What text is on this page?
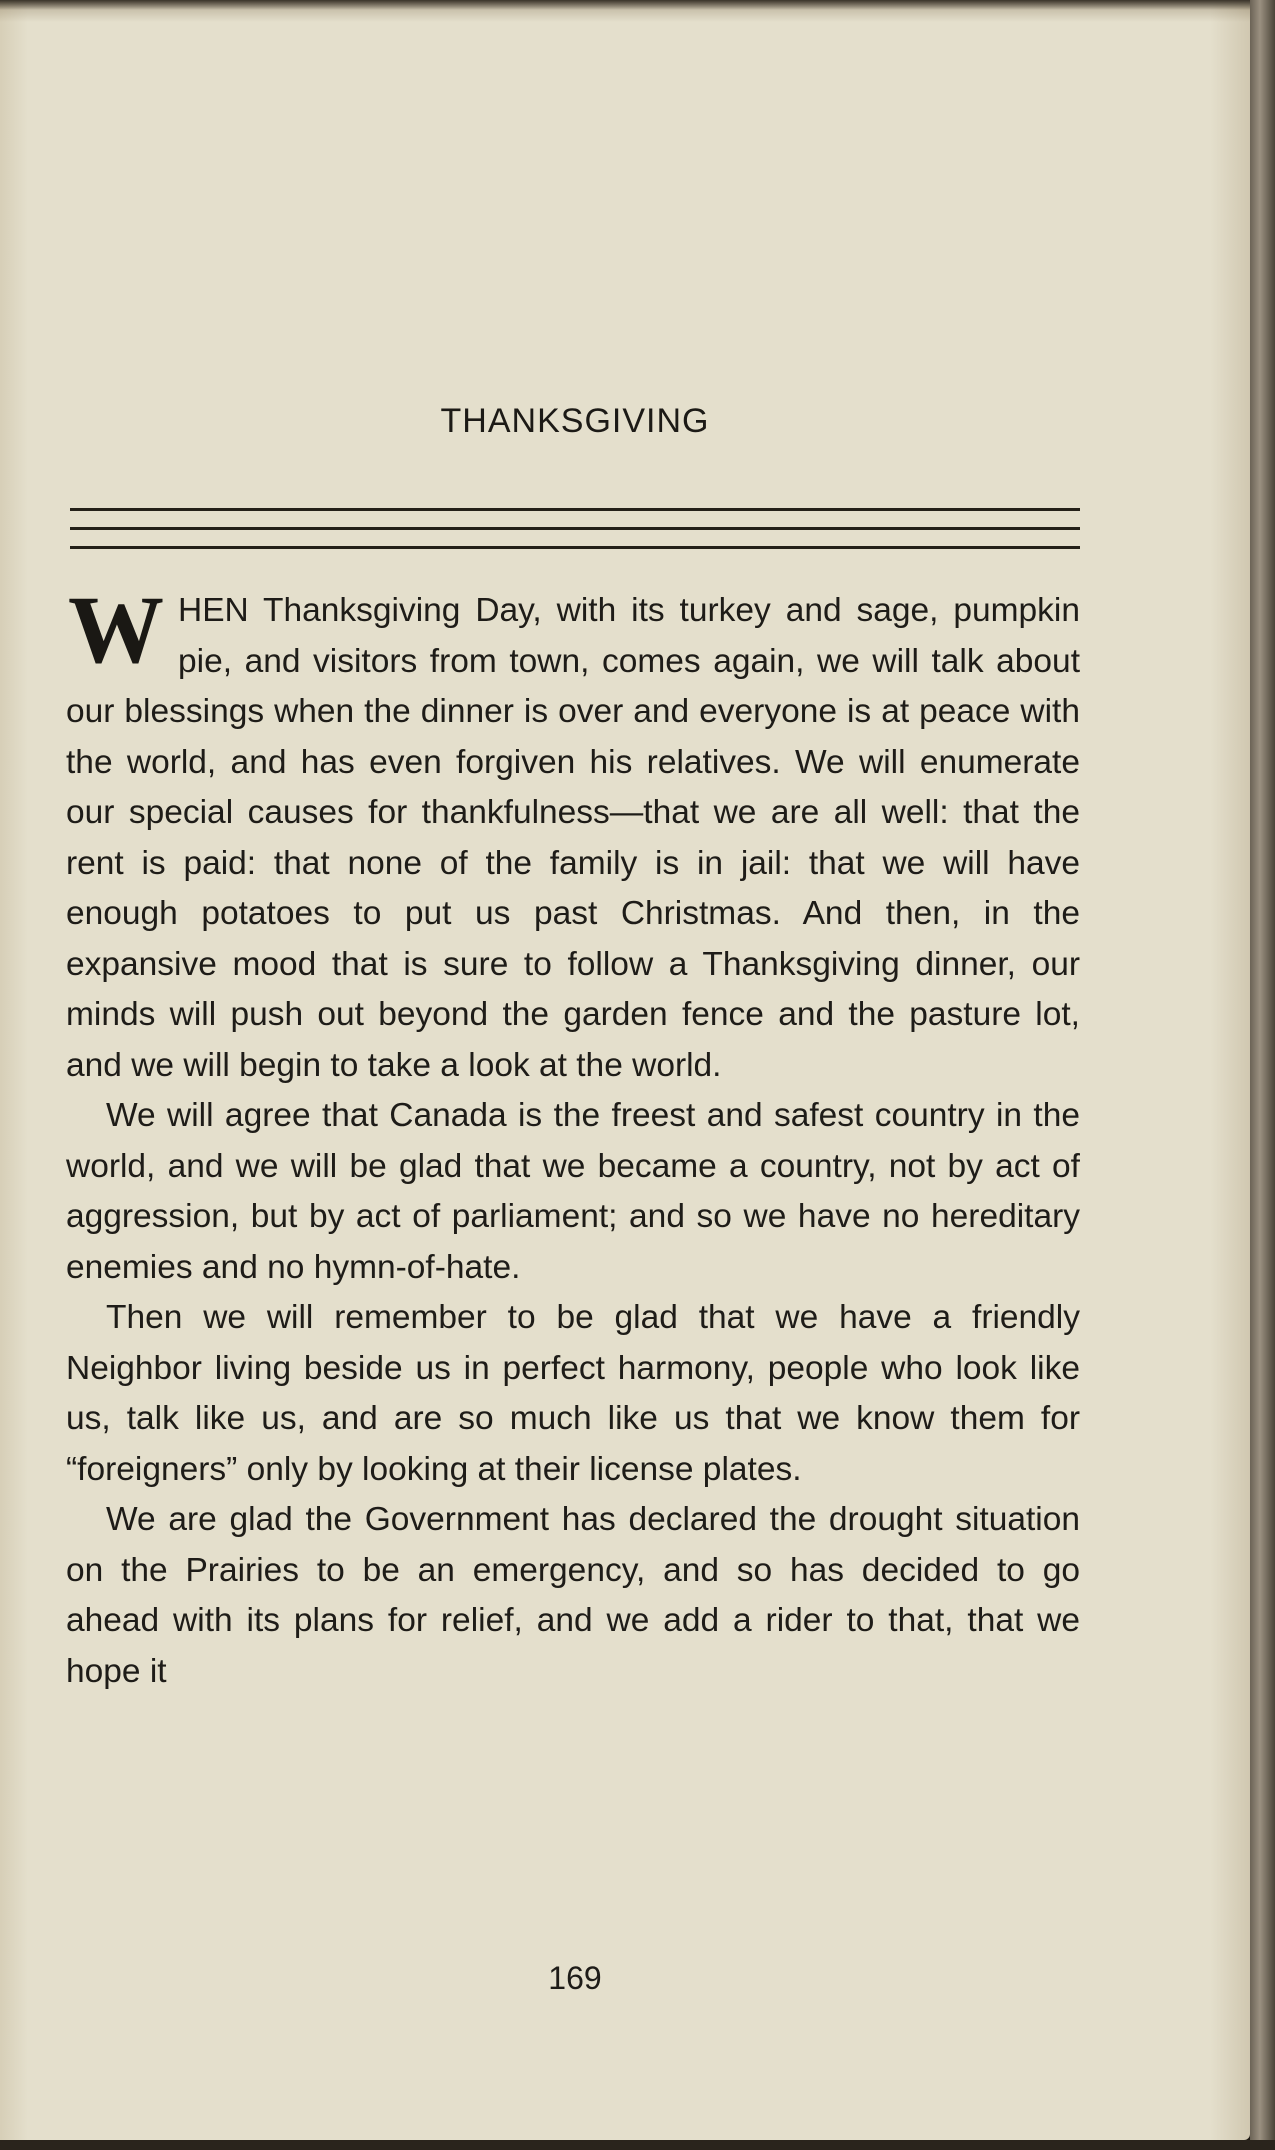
THANKSGIVING

WHEN Thanksgiving Day, with its turkey and sage, pumpkin pie, and visitors from town, comes again, we will talk about our blessings when the dinner is over and everyone is at peace with the world, and has even forgiven his relatives. We will enumerate our special causes for thankfulness—that we are all well: that the rent is paid: that none of the family is in jail: that we will have enough potatoes to put us past Christmas. And then, in the expansive mood that is sure to follow a Thanksgiving dinner, our minds will push out beyond the garden fence and the pasture lot, and we will begin to take a look at the world.

We will agree that Canada is the freest and safest country in the world, and we will be glad that we became a country, not by act of aggression, but by act of parliament; and so we have no hereditary enemies and no hymn-of-hate.

Then we will remember to be glad that we have a friendly Neighbor living beside us in perfect harmony, people who look like us, talk like us, and are so much like us that we know them for “foreigners” only by looking at their license plates.

We are glad the Government has declared the drought situation on the Prairies to be an emergency, and so has decided to go ahead with its plans for relief, and we add a rider to that, that we hope it

169
